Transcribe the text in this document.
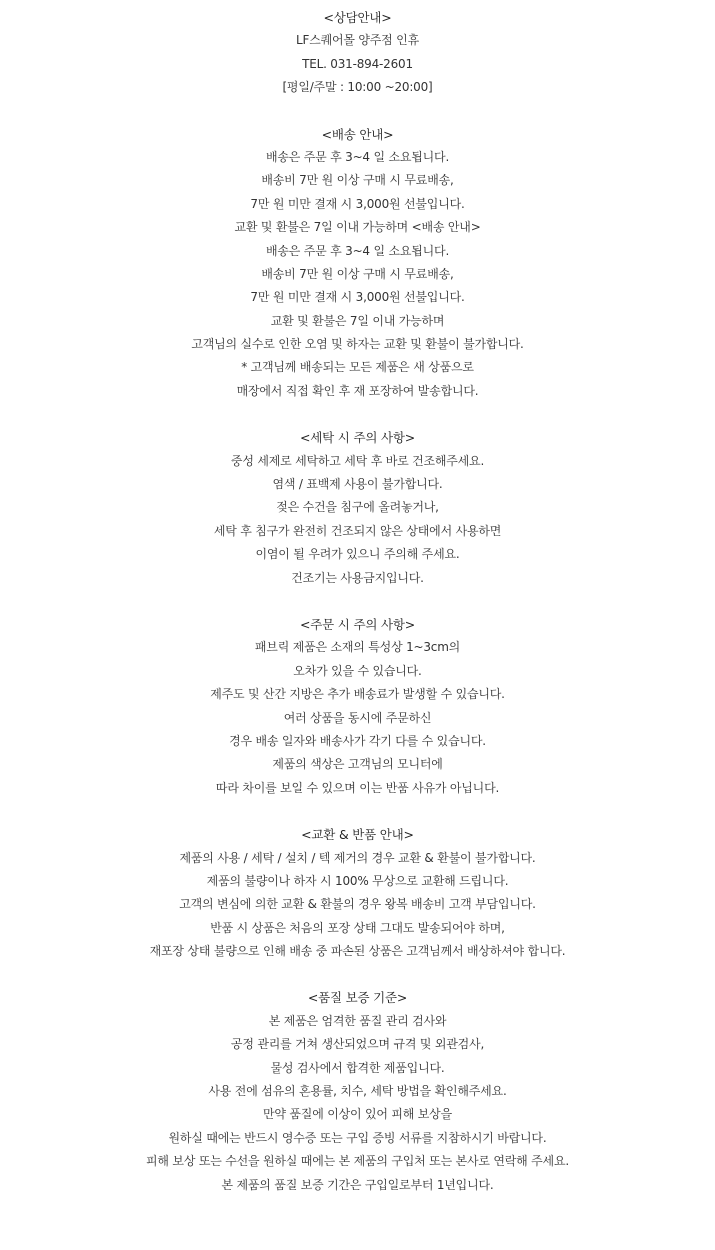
<상담안내>
LF스퀘어몰 양주점 인휴
TEL. 031-894-2601
[평일/주말 : 10:00 ~20:00]
<배송 안내>
배송은 주문 후 3~4 일 소요됩니다.
배송비 7만 원 이상 구매 시 무료배송,
7만 원 미만 결재 시 3,000원 선불입니다.
교환 및 환불은 7일 이내 가능하며 <배송 안내>
배송은 주문 후 3~4 일 소요됩니다.
배송비 7만 원 이상 구매 시 무료배송,
7만 원 미만 결재 시 3,000원 선불입니다.
교환 및 환불은 7일 이내 가능하며
고객님의 실수로 인한 오염 및 하자는 교환 및 환불이 불가합니다.
* 고객님께 배송되는 모든 제품은 새 상품으로
매장에서 직접 확인 후 재 포장하여 발송합니다.
<세탁 시 주의 사항>
중성 세제로 세탁하고 세탁 후 바로 건조해주세요.
염색 / 표백제 사용이 불가합니다.
젖은 수건을 침구에 올려놓거나,
세탁 후 침구가 완전히 건조되지 않은 상태에서 사용하면
이염이 될 우려가 있으니 주의해 주세요.
건조기는 사용금지입니다.
<주문 시 주의 사항>
패브릭 제품은 소재의 특성상 1~3cm의
오차가 있을 수 있습니다.
제주도 및 산간 지방은 추가 배송료가 발생할 수 있습니다.
여러 상품을 동시에 주문하신
경우 배송 일자와 배송사가 각기 다를 수 있습니다.
제품의 색상은 고객님의 모니터에
따라 차이를 보일 수 있으며 이는 반품 사유가 아닙니다.
<교환 & 반품 안내>
제품의 사용 / 세탁 / 설치 / 텍 제거의 경우 교환 & 환불이 불가합니다.
제품의 불량이나 하자 시 100% 무상으로 교환해 드립니다.
고객의 변심에 의한 교환 & 환불의 경우 왕복 배송비 고객 부담입니다.
반품 시 상품은 처음의 포장 상태 그대도 발송되어야 하며,
재포장 상태 불량으로 인해 배송 중 파손된 상품은 고객님께서 배상하셔야 합니다.
<품질 보증 기준>
본 제품은 엄격한 품질 관리 검사와
공정 관리를 거쳐 생산되었으며 규격 및 외관검사,
물성 검사에서 합격한 제품입니다.
사용 전에 섬유의 혼용률, 치수, 세탁 방법을 확인해주세요.
만약 품질에 이상이 있어 피해 보상을
원하실 때에는 반드시 영수증 또는 구입 증빙 서류를 지참하시기 바랍니다.
피해 보상 또는 수선을 원하실 때에는 본 제품의 구입처 또는 본사로 연락해 주세요.
본 제품의 품질 보증 기간은 구입일로부터 1년입니다.
